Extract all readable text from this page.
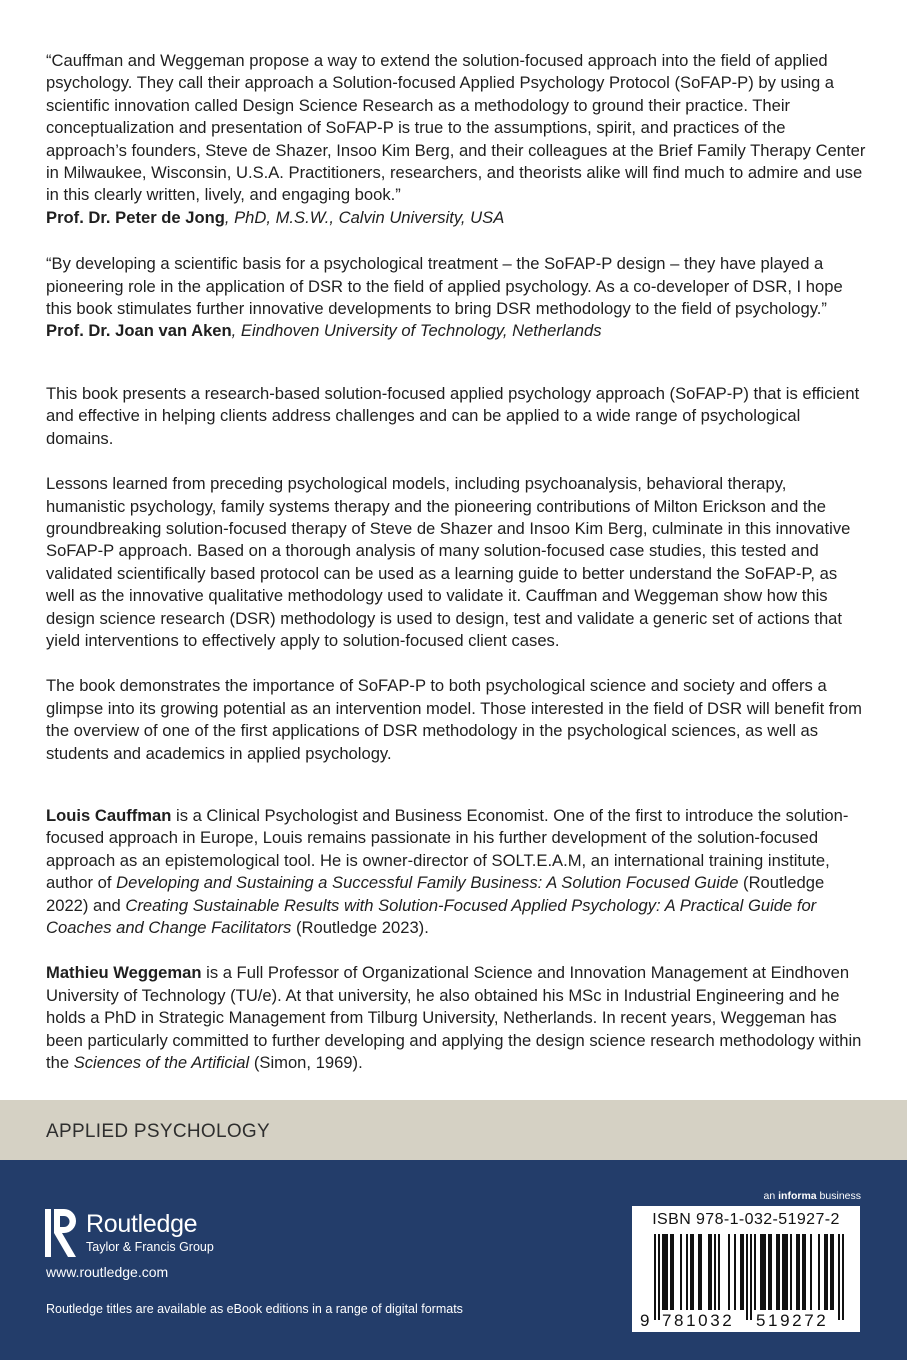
“Cauffman and Weggeman propose a way to extend the solution-focused approach into the field of applied psychology. They call their approach a Solution-focused Applied Psychology Protocol (SoFAP-P) by using a scientific innovation called Design Science Research as a methodology to ground their practice. Their conceptualization and presentation of SoFAP-P is true to the assumptions, spirit, and practices of the approach’s founders, Steve de Shazer, Insoo Kim Berg, and their colleagues at the Brief Family Therapy Center in Milwaukee, Wisconsin, U.S.A. Practitioners, researchers, and theorists alike will find much to admire and use in this clearly written, lively, and engaging book.”
Prof. Dr. Peter de Jong, PhD, M.S.W., Calvin University, USA

“By developing a scientific basis for a psychological treatment – the SoFAP-P design – they have played a pioneering role in the application of DSR to the field of applied psychology. As a co-developer of DSR, I hope this book stimulates further innovative developments to bring DSR methodology to the field of psychology.”
Prof. Dr. Joan van Aken, Eindhoven University of Technology, Netherlands

This book presents a research-based solution-focused applied psychology approach (SoFAP-P) that is efficient and effective in helping clients address challenges and can be applied to a wide range of psychological domains.

Lessons learned from preceding psychological models, including psychoanalysis, behavioral therapy, humanistic psychology, family systems therapy and the pioneering contributions of Milton Erickson and the groundbreaking solution-focused therapy of Steve de Shazer and Insoo Kim Berg, culminate in this innovative SoFAP-P approach. Based on a thorough analysis of many solution-focused case studies, this tested and validated scientifically based protocol can be used as a learning guide to better understand the SoFAP-P, as well as the innovative qualitative methodology used to validate it. Cauffman and Weggeman show how this design science research (DSR) methodology is used to design, test and validate a generic set of actions that yield interventions to effectively apply to solution-focused client cases.

The book demonstrates the importance of SoFAP-P to both psychological science and society and offers a glimpse into its growing potential as an intervention model. Those interested in the field of DSR will benefit from the overview of one of the first applications of DSR methodology in the psychological sciences, as well as students and academics in applied psychology.

Louis Cauffman is a Clinical Psychologist and Business Economist. One of the first to introduce the solution-focused approach in Europe, Louis remains passionate in his further development of the solution-focused approach as an epistemological tool. He is owner-director of SOLT.E.A.M, an international training institute, author of Developing and Sustaining a Successful Family Business: A Solution Focused Guide (Routledge 2022) and Creating Sustainable Results with Solution-Focused Applied Psychology: A Practical Guide for Coaches and Change Facilitators (Routledge 2023).

Mathieu Weggeman is a Full Professor of Organizational Science and Innovation Management at Eindhoven University of Technology (TU/e). At that university, he also obtained his MSc in Industrial Engineering and he holds a PhD in Strategic Management from Tilburg University, Netherlands. In recent years, Weggeman has been particularly committed to further developing and applying the design science research methodology within the Sciences of the Artificial (Simon, 1969).

APPLIED PSYCHOLOGY
Routledge
Taylor & Francis Group
www.routledge.com
Routledge titles are available as eBook editions in a range of digital formats
an informa business
ISBN 978-1-032-51927-2
9 781032 519272
